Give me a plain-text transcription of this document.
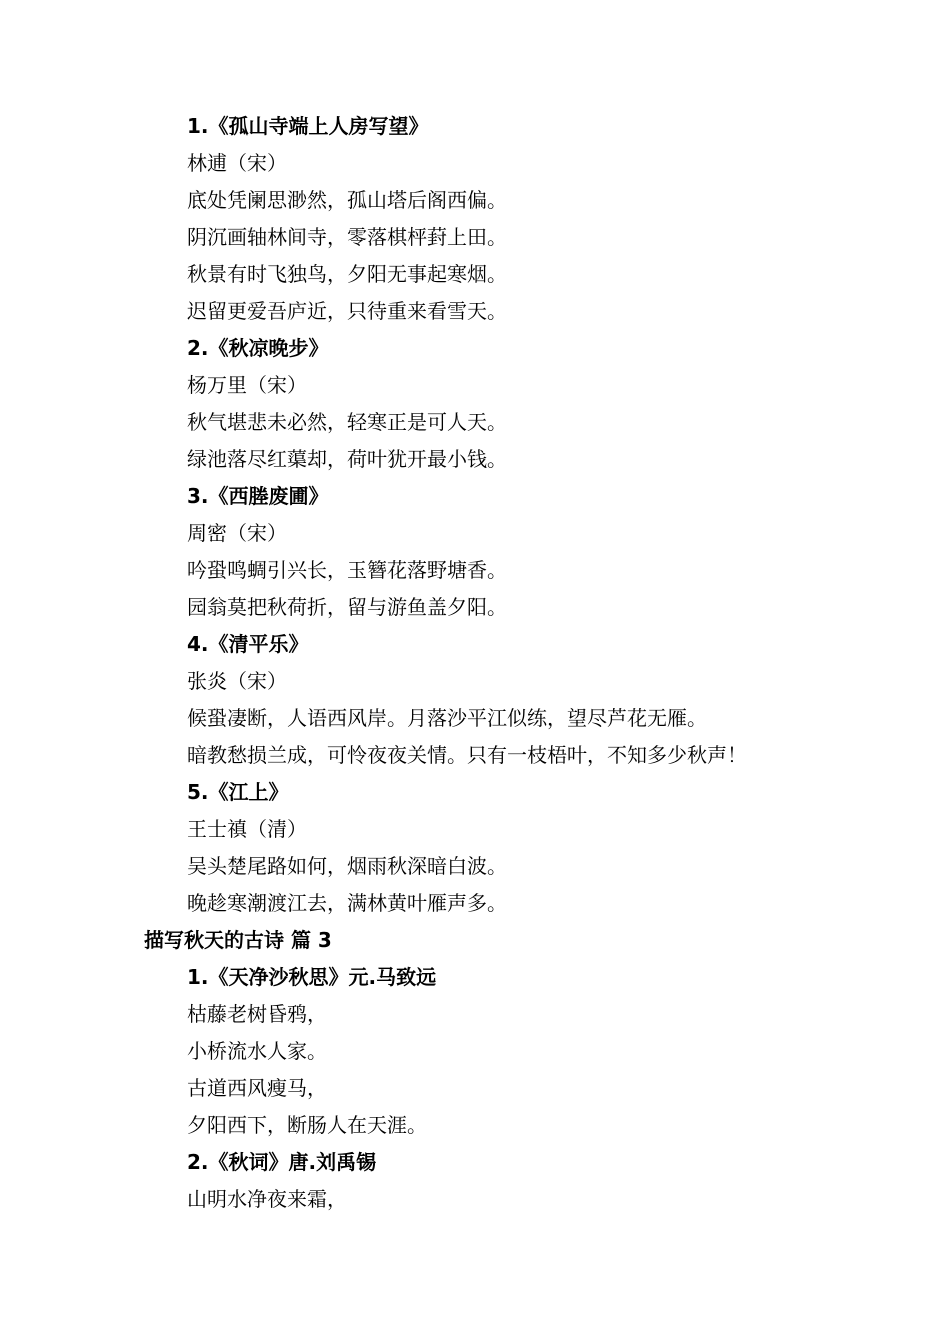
1.《孤山寺端上人房写望》
林逋（宋）
底处凭阑思渺然，孤山塔后阁西偏。
阴沉画轴林间寺，零落棋枰葑上田。
秋景有时飞独鸟，夕阳无事起寒烟。
迟留更爱吾庐近，只待重来看雪天。
2.《秋凉晚步》
杨万里（宋）
秋气堪悲未必然，轻寒正是可人天。
绿池落尽红蕖却，荷叶犹开最小钱。
3.《西塍废圃》
周密（宋）
吟蛩鸣蜩引兴长，玉簪花落野塘香。
园翁莫把秋荷折，留与游鱼盖夕阳。
4.《清平乐》
张炎（宋）
候蛩凄断，人语西风岸。月落沙平江似练，望尽芦花无雁。
暗教愁损兰成，可怜夜夜关情。只有一枝梧叶，不知多少秋声！
5.《江上》
王士禛（清）
吴头楚尾路如何，烟雨秋深暗白波。
晚趁寒潮渡江去，满林黄叶雁声多。
描写秋天的古诗 篇 3
1.《天净沙秋思》元.马致远
枯藤老树昏鸦，
小桥流水人家。
古道西风瘦马，
夕阳西下，断肠人在天涯。
2.《秋词》唐.刘禹锡
山明水净夜来霜，
